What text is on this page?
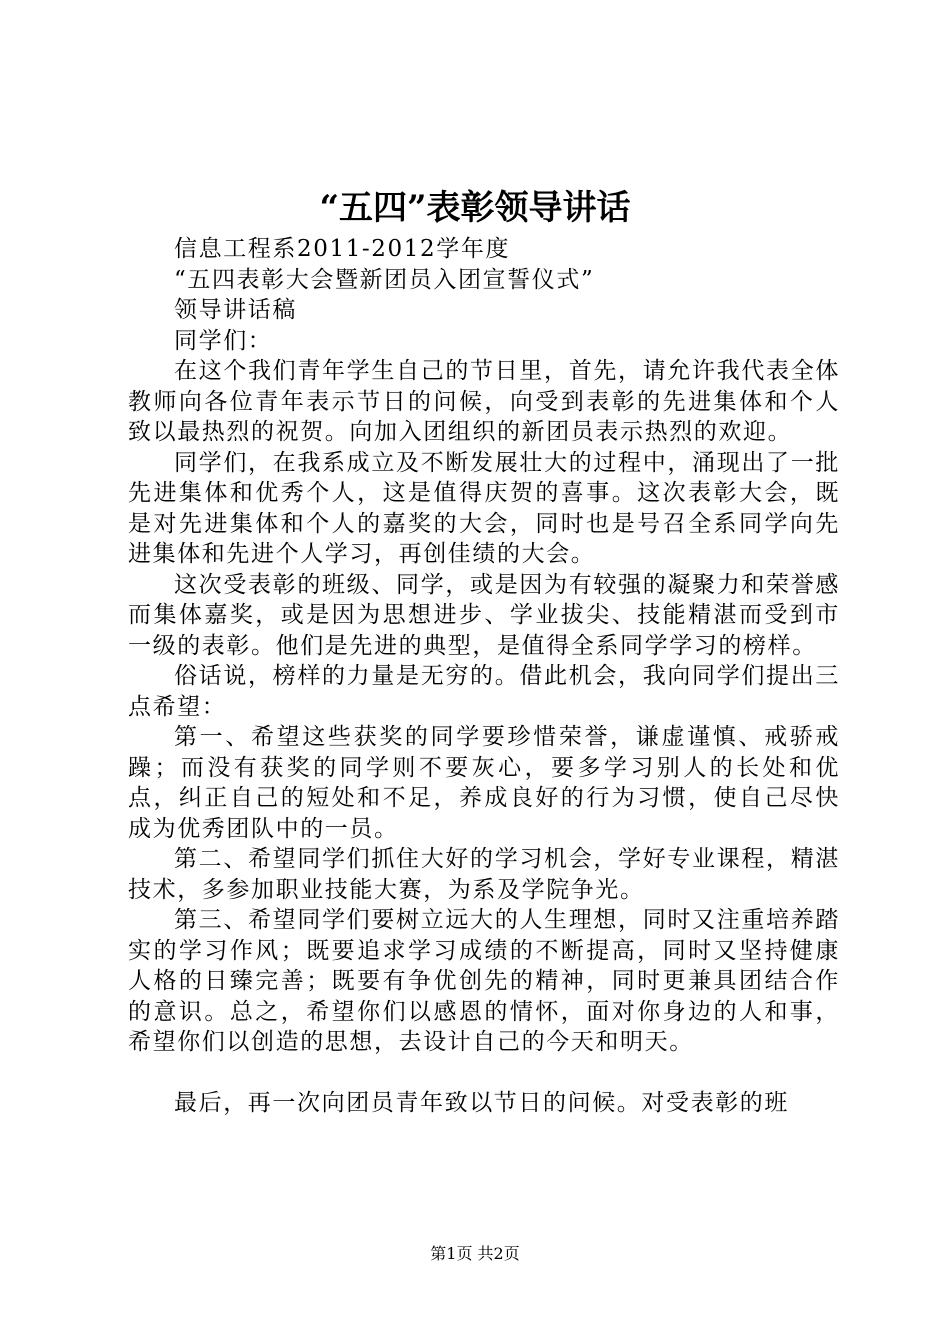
“五四”表彰领导讲话

信息工程系2011-2012学年度

“五四表彰大会暨新团员入团宣誓仪式”

领导讲话稿

同学们：

在这个我们青年学生自己的节日里，首先，请允许我代表全体教师向各位青年表示节日的问候，向受到表彰的先进集体和个人致以最热烈的祝贺。向加入团组织的新团员表示热烈的欢迎。

同学们，在我系成立及不断发展壮大的过程中，涌现出了一批先进集体和优秀个人，这是值得庆贺的喜事。这次表彰大会，既是对先进集体和个人的嘉奖的大会，同时也是号召全系同学向先进集体和先进个人学习，再创佳绩的大会。

这次受表彰的班级、同学，或是因为有较强的凝聚力和荣誉感而集体嘉奖，或是因为思想进步、学业拔尖、技能精湛而受到市一级的表彰。他们是先进的典型，是值得全系同学学习的榜样。

俗话说，榜样的力量是无穷的。借此机会，我向同学们提出三点希望：

第一、希望这些获奖的同学要珍惜荣誉，谦虚谨慎、戒骄戒躁；而没有获奖的同学则不要灰心，要多学习别人的长处和优点，纠正自己的短处和不足，养成良好的行为习惯，使自己尽快成为优秀团队中的一员。

第二、希望同学们抓住大好的学习机会，学好专业课程，精湛技术，多参加职业技能大赛，为系及学院争光。

第三、希望同学们要树立远大的人生理想，同时又注重培养踏实的学习作风；既要追求学习成绩的不断提高，同时又坚持健康人格的日臻完善；既要有争优创先的精神，同时更兼具团结合作的意识。总之，希望你们以感恩的情怀，面对你身边的人和事，希望你们以创造的思想，去设计自己的今天和明天。

最后，再一次向团员青年致以节日的问候。对受表彰的班

第1页 共2页
